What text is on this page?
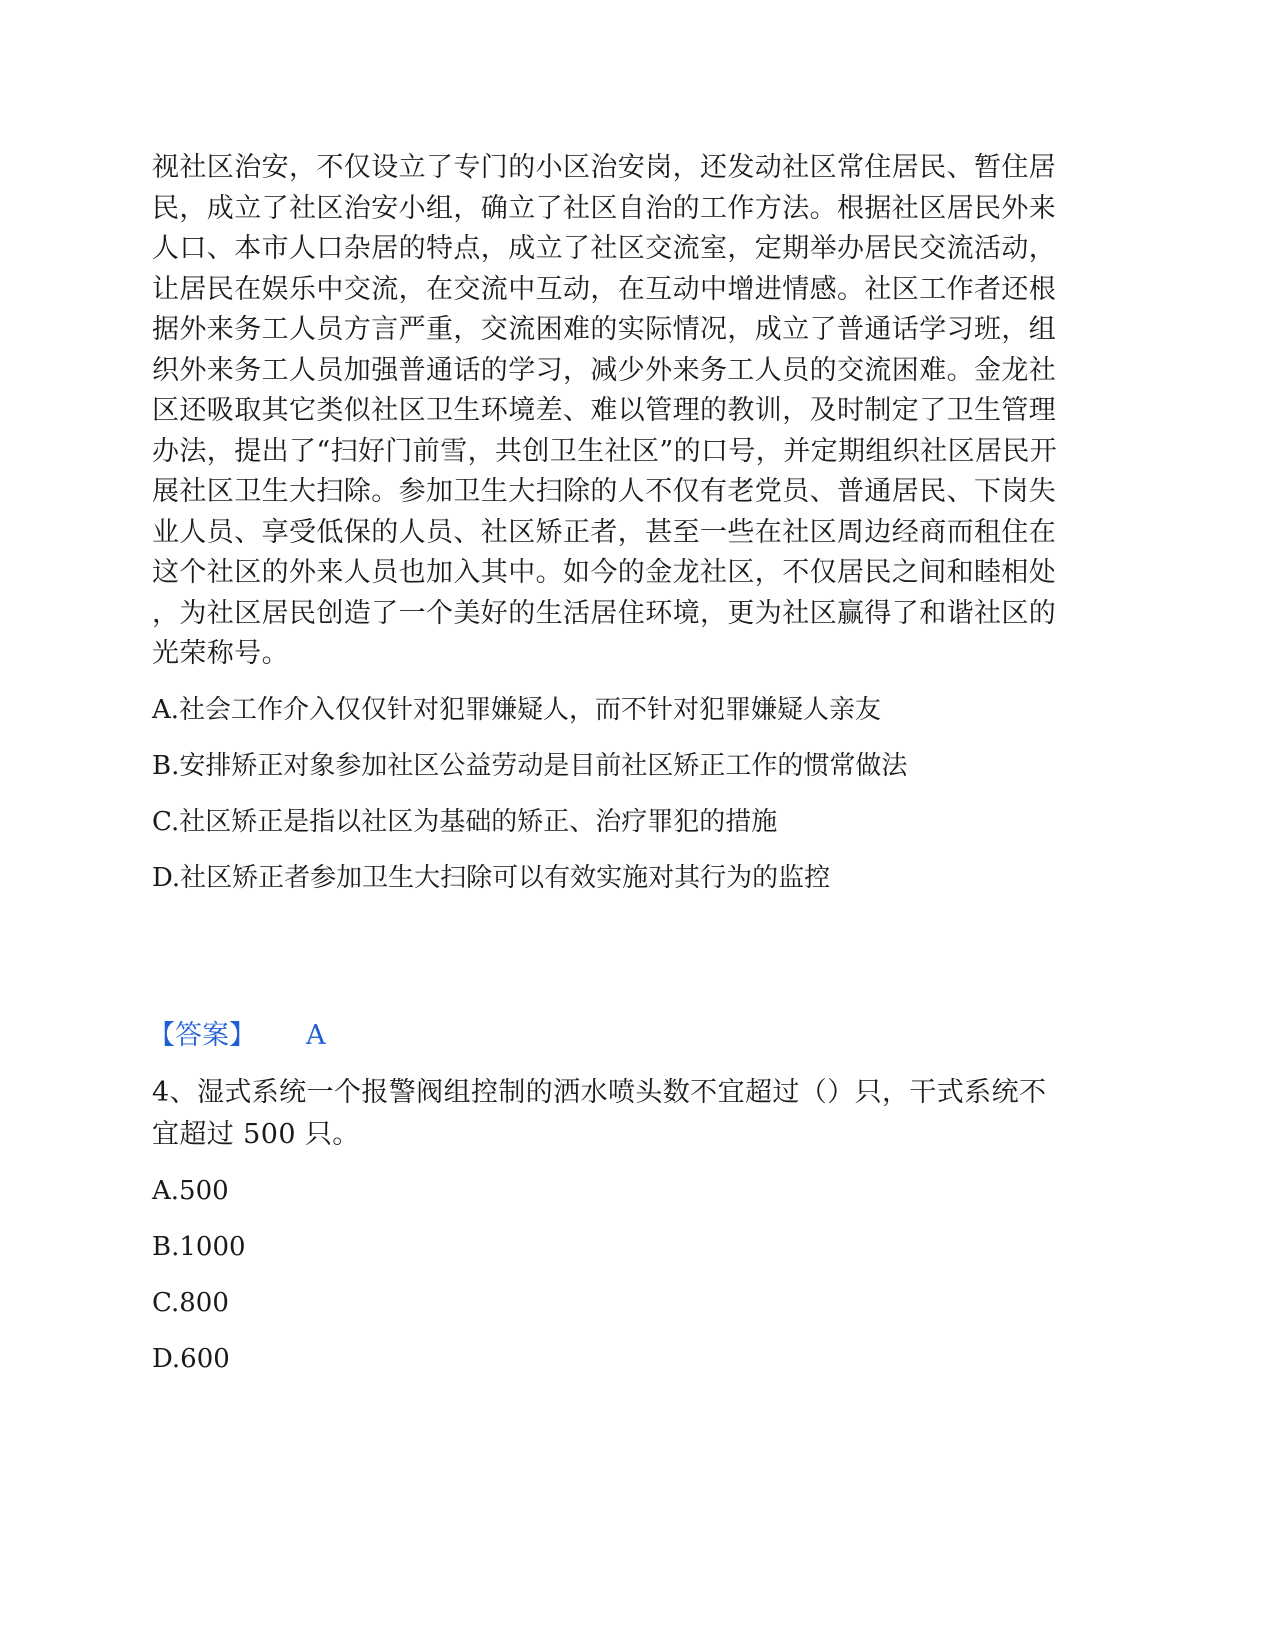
视社区治安，不仅设立了专门的小区治安岗，还发动社区常住居民、暂住居
民，成立了社区治安小组，确立了社区自治的工作方法。根据社区居民外来
人口、本市人口杂居的特点，成立了社区交流室，定期举办居民交流活动，
让居民在娱乐中交流，在交流中互动，在互动中增进情感。社区工作者还根
据外来务工人员方言严重，交流困难的实际情况，成立了普通话学习班，组
织外来务工人员加强普通话的学习，减少外来务工人员的交流困难。金龙社
区还吸取其它类似社区卫生环境差、难以管理的教训，及时制定了卫生管理
办法，提出了“扫好门前雪，共创卫生社区”的口号，并定期组织社区居民开
展社区卫生大扫除。参加卫生大扫除的人不仅有老党员、普通居民、下岗失
业人员、享受低保的人员、社区矫正者，甚至一些在社区周边经商而租住在
这个社区的外来人员也加入其中。如今的金龙社区，不仅居民之间和睦相处
，为社区居民创造了一个美好的生活居住环境，更为社区赢得了和谐社区的
光荣称号。
A.社会工作介入仅仅针对犯罪嫌疑人，而不针对犯罪嫌疑人亲友
B.安排矫正对象参加社区公益劳动是目前社区矫正工作的惯常做法
C.社区矫正是指以社区为基础的矫正、治疗罪犯的措施
D.社区矫正者参加卫生大扫除可以有效实施对其行为的监控
【答案】 A
4、湿式系统一个报警阀组控制的洒水喷头数不宜超过（）只，干式系统不
宜超过 500 只。
A.500
B.1000
C.800
D.600
